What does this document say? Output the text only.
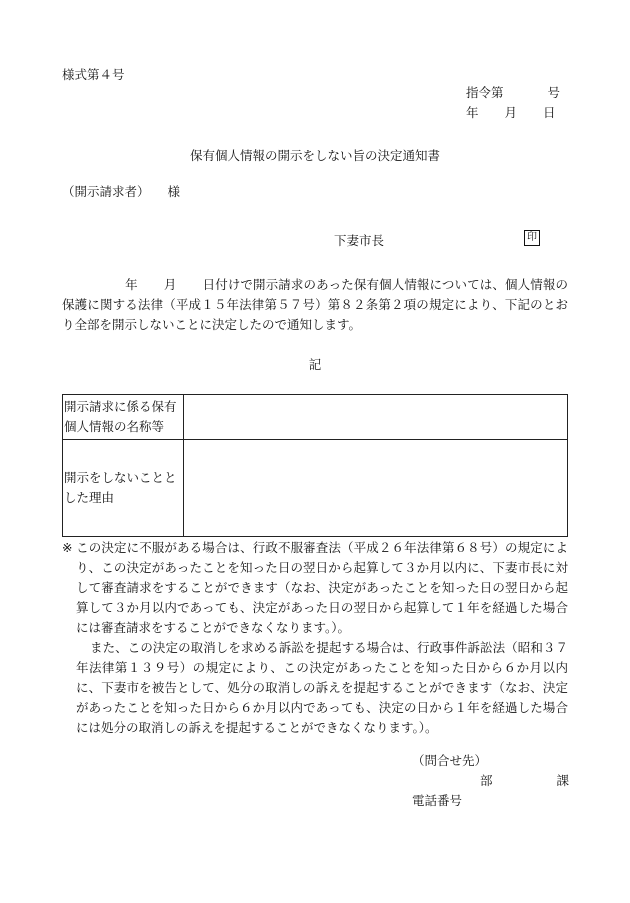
様式第４号
指令第	号
年 月 日
保有個人情報の開示をしない旨の決定通知書
（開示請求者） 様
下妻市長	印
年 月 日付けで開示請求のあった保有個人情報については、個人情報の保護に関する法律（平成１５年法律第５７号）第８２条第２項の規定により、下記のとおり全部を開示しないことに決定したので通知します。
記
開示請求に係る保有個人情報の名称等	
開示をしないこととした理由	

※ この決定に不服がある場合は、行政不服審査法（平成２６年法律第６８号）の規定により、この決定があったことを知った日の翌日から起算して３か月以内に、下妻市長に対して審査請求をすることができます（なお、決定があったことを知った日の翌日から起算して３か月以内であっても、決定があった日の翌日から起算して１年を経過した場合には審査請求をすることができなくなります。）。

また、この決定の取消しを求める訴訟を提起する場合は、行政事件訴訟法（昭和３７年法律第１３９号）の規定により、この決定があったことを知った日から６か月以内に、下妻市を被告として、処分の取消しの訴えを提起することができます（なお、決定があったことを知った日から６か月以内であっても、決定の日から１年を経過した場合には処分の取消しの訴えを提起することができなくなります。）。

（問合せ先）
部	課
電話番号
